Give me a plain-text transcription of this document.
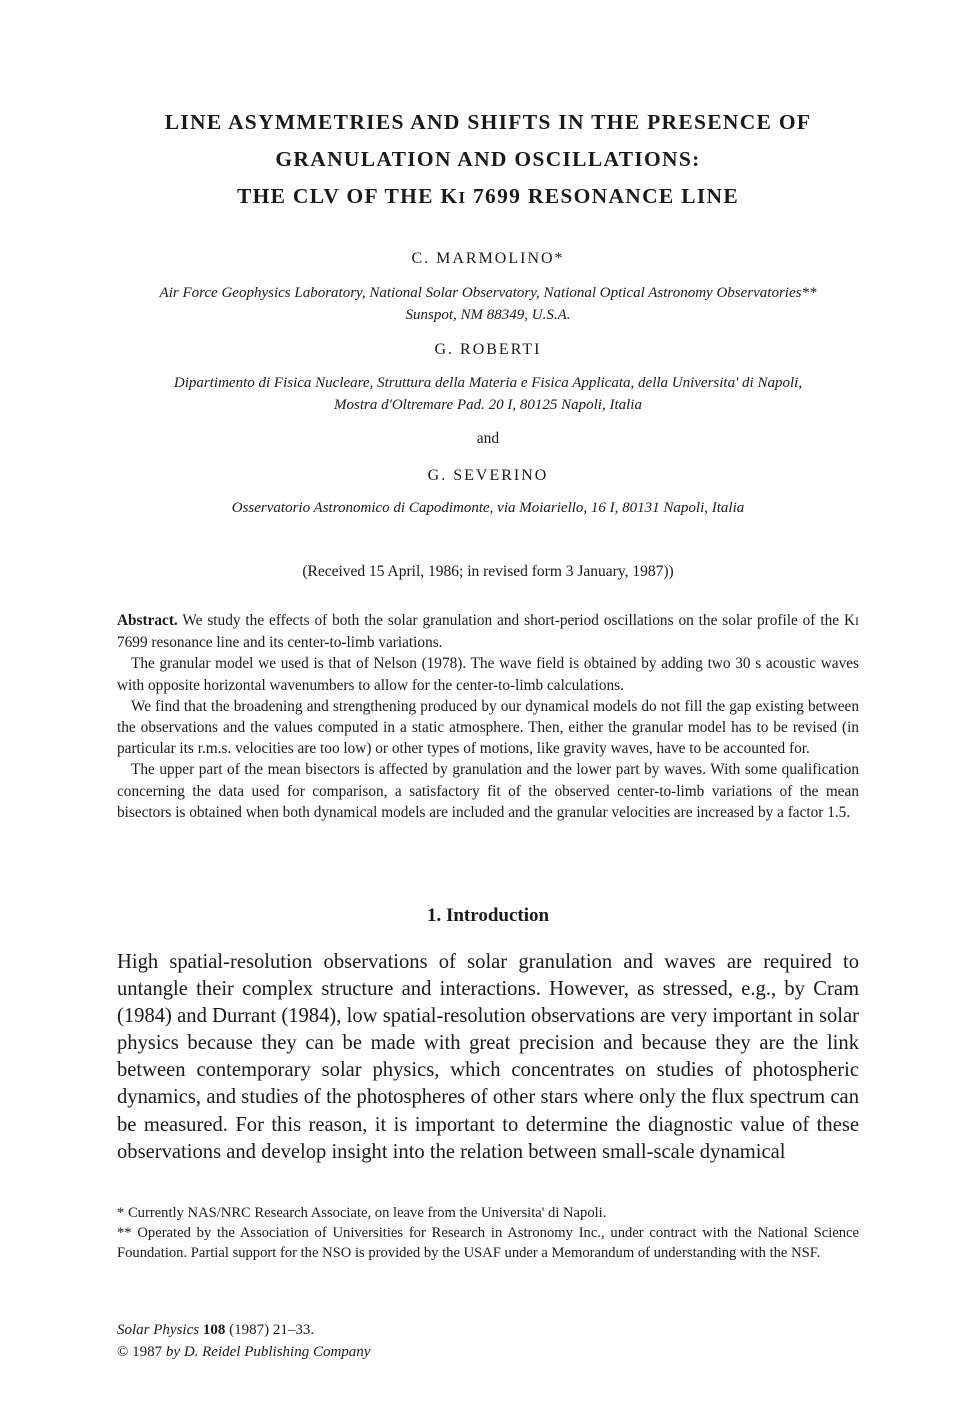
LINE ASYMMETRIES AND SHIFTS IN THE PRESENCE OF
GRANULATION AND OSCILLATIONS:
THE CLV OF THE KI 7699 RESONANCE LINE
C. MARMOLINO*
Air Force Geophysics Laboratory, National Solar Observatory, National Optical Astronomy Observatories**
Sunspot, NM 88349, U.S.A.
G. ROBERTI
Dipartimento di Fisica Nucleare, Struttura della Materia e Fisica Applicata, della Universita' di Napoli,
Mostra d'Oltremare Pad. 20 I, 80125 Napoli, Italia
and
G. SEVERINO
Osservatorio Astronomico di Capodimonte, via Moiariello, 16 I, 80131 Napoli, Italia
(Received 15 April, 1986; in revised form 3 January, 1987))

Abstract. We study the effects of both the solar granulation and short-period oscillations on the solar profile of the KI 7699 resonance line and its center-to-limb variations.

The granular model we used is that of Nelson (1978). The wave field is obtained by adding two 30 s acoustic waves with opposite horizontal wavenumbers to allow for the center-to-limb calculations.

We find that the broadening and strengthening produced by our dynamical models do not fill the gap existing between the observations and the values computed in a static atmosphere. Then, either the granular model has to be revised (in particular its r.m.s. velocities are too low) or other types of motions, like gravity waves, have to be accounted for.

The upper part of the mean bisectors is affected by granulation and the lower part by waves. With some qualification concerning the data used for comparison, a satisfactory fit of the observed center-to-limb variations of the mean bisectors is obtained when both dynamical models are included and the granular velocities are increased by a factor 1.5.

1. Introduction

High spatial-resolution observations of solar granulation and waves are required to untangle their complex structure and interactions. However, as stressed, e.g., by Cram (1984) and Durrant (1984), low spatial-resolution observations are very important in solar physics because they can be made with great precision and because they are the link between contemporary solar physics, which concentrates on studies of photospheric dynamics, and studies of the photospheres of other stars where only the flux spectrum can be measured. For this reason, it is important to determine the diagnostic value of these observations and develop insight into the relation between small-scale dynamical

* Currently NAS/NRC Research Associate, on leave from the Universita' di Napoli.

** Operated by the Association of Universities for Research in Astronomy Inc., under contract with the National Science Foundation. Partial support for the NSO is provided by the USAF under a Memorandum of understanding with the NSF.

Solar Physics 108 (1987) 21–33.
© 1987 by D. Reidel Publishing Company
